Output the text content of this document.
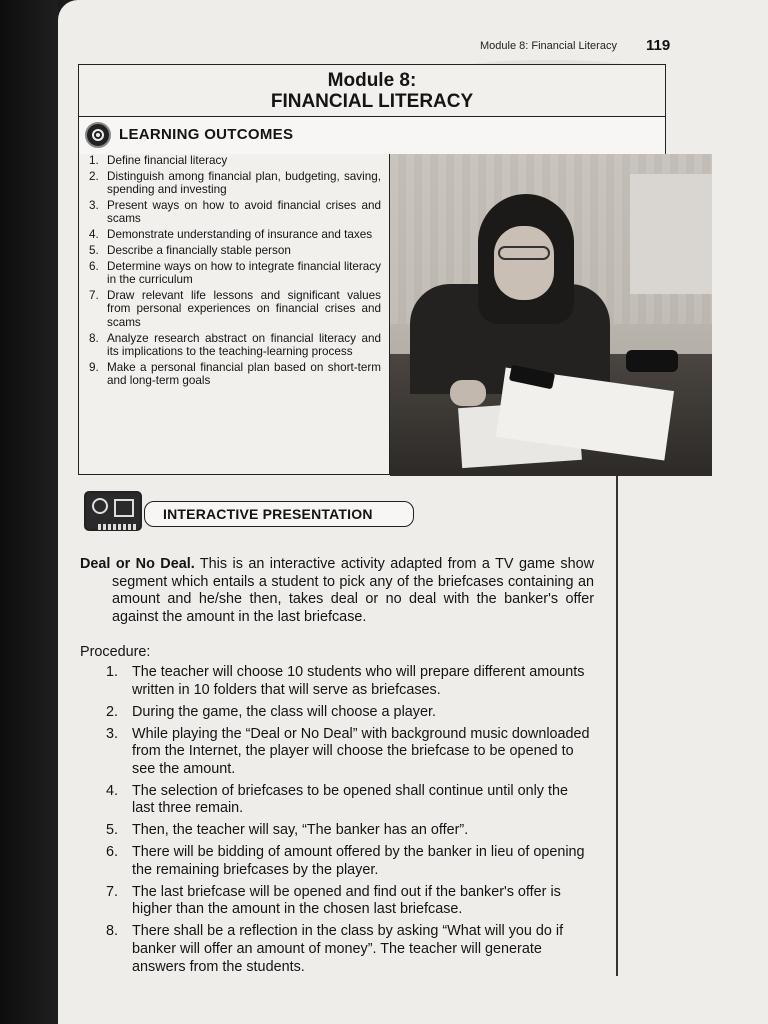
Module 8: Financial Literacy 119
Module 8:
FINANCIAL LITERACY
LEARNING OUTCOMES
1. Define financial literacy
2. Distinguish among financial plan, budgeting, saving, spending and investing
3. Present ways on how to avoid financial crises and scams
4. Demonstrate understanding of insurance and taxes
5. Describe a financially stable person
6. Determine ways on how to integrate financial literacy in the curriculum
7. Draw relevant life lessons and significant values from personal experiences on financial crises and scams
8. Analyze research abstract on financial literacy and its implications to the teaching-learning process
9. Make a personal financial plan based on short-term and long-term goals
INTERACTIVE PRESENTATION

Deal or No Deal. This is an interactive activity adapted from a TV game show segment which entails a student to pick any of the briefcases containing an amount and he/she then, takes deal or no deal with the banker's offer against the amount in the last briefcase.

Procedure:

1. The teacher will choose 10 students who will prepare different amounts written in 10 folders that will serve as briefcases.
2. During the game, the class will choose a player.
3. While playing the “Deal or No Deal” with background music downloaded from the Internet, the player will choose the briefcase to be opened to see the amount.
4. The selection of briefcases to be opened shall continue until only the last three remain.
5. Then, the teacher will say, “The banker has an offer”.
6. There will be bidding of amount offered by the banker in lieu of opening the remaining briefcases by the player.
7. The last briefcase will be opened and find out if the banker's offer is higher than the amount in the chosen last briefcase.
8. There shall be a reflection in the class by asking “What will you do if banker will offer an amount of money”. The teacher will generate answers from the students.
